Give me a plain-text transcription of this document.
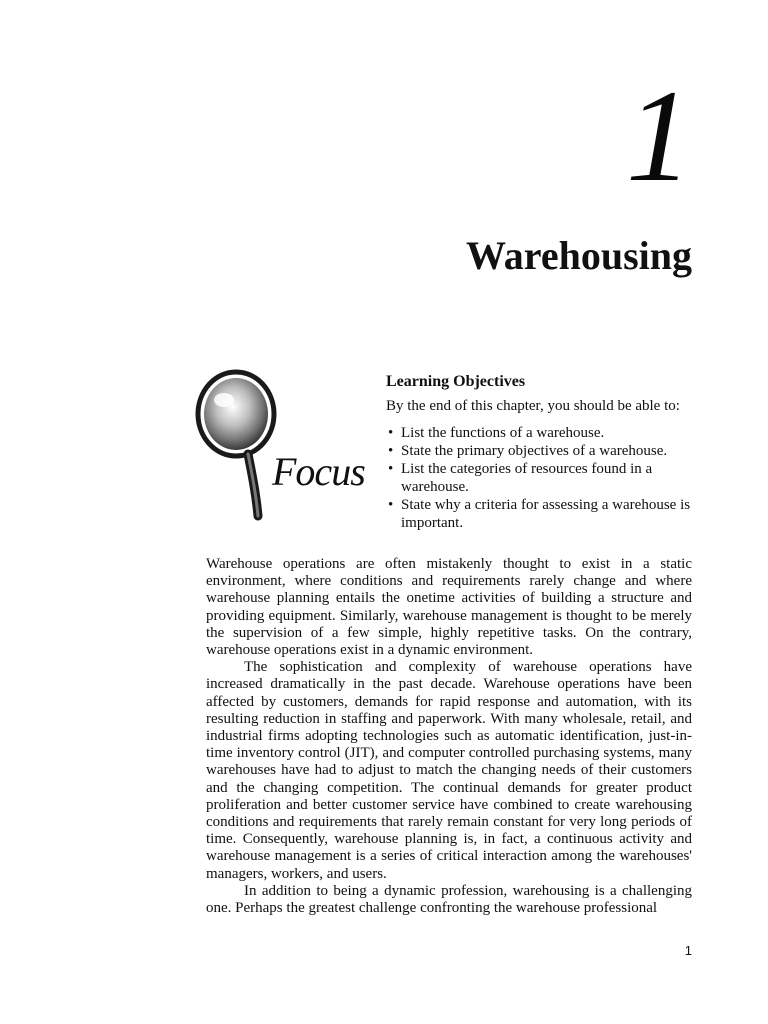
1
Warehousing
Focus
Learning Objectives

By the end of this chapter, you should be able to:

• List the functions of a warehouse.
• State the primary objectives of a warehouse.
• List the categories of resources found in a warehouse.
• State why a criteria for assessing a warehouse is important.

Warehouse operations are often mistakenly thought to exist in a static environment, where conditions and requirements rarely change and where warehouse planning entails the onetime activities of building a structure and providing equipment. Similarly, warehouse management is thought to be merely the supervision of a few simple, highly repetitive tasks. On the contrary, warehouse operations exist in a dynamic environment.

The sophistication and complexity of warehouse operations have increased dramatically in the past decade. Warehouse operations have been affected by customers, demands for rapid response and automation, with its resulting reduction in staffing and paperwork. With many wholesale, retail, and industrial firms adopting technologies such as automatic identification, just-in-time inventory control (JIT), and computer controlled purchasing systems, many warehouses have had to adjust to match the changing needs of their customers and the changing competition. The continual demands for greater product proliferation and better customer service have combined to create warehousing conditions and requirements that rarely remain constant for very long periods of time. Consequently, warehouse planning is, in fact, a continuous activity and warehouse management is a series of critical interaction among the warehouses' managers, workers, and users.

In addition to being a dynamic profession, warehousing is a challenging one. Perhaps the greatest challenge confronting the warehouse professional

1
